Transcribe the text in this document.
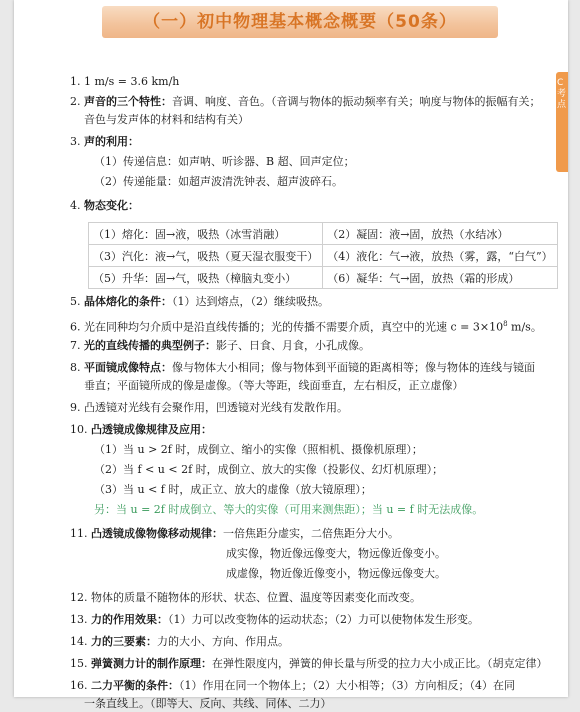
（一）初中物理基本概念概要（50条）
C 考点
1. 1 m/s = 3.6 km/h
2. 声音的三个特性：音调、响度、音色。（音调与物体的振动频率有关；响度与物体的振幅有关；
音色与发声体的材料和结构有关）
3. 声的利用：
（1）传递信息：如声呐、听诊器、B 超、回声定位；
（2）传递能量：如超声波清洗钟表、超声波碎石。
4. 物态变化：
（1）熔化：固→液，吸热（冰雪消融）	（2）凝固：液→固，放热（水结冰）
（3）汽化：液→气，吸热（夏天湿衣服变干）	（4）液化：气→液，放热（雾，露，“白气”）
（5）升华：固→气，吸热（樟脑丸变小）	（6）凝华：气→固，放热（霜的形成）
5. 晶体熔化的条件：（1）达到熔点，（2）继续吸热。
6. 光在同种均匀介质中是沿直线传播的；光的传播不需要介质，真空中的光速 $c = 3\times 10^8$ m/s。
7. 光的直线传播的典型例子：影子、日食、月食，小孔成像。
8. 平面镜成像特点：像与物体大小相同；像与物体到平面镜的距离相等；像与物体的连线与镜面
垂直；平面镜所成的像是虚像。（等大等距，线面垂直，左右相反，正立虚像）
9. 凸透镜对光线有会聚作用，凹透镜对光线有发散作用。
10. 凸透镜成像规律及应用：
（1）当 u > 2f 时，成倒立、缩小的实像（照相机、摄像机原理）；
（2）当 f < u < 2f 时，成倒立、放大的实像（投影仪、幻灯机原理）；
（3）当 u < f 时，成正立、放大的虚像（放大镜原理）；
另：当 u = 2f 时成倒立、等大的实像（可用来测焦距）；当 u = f 时无法成像。
11. 凸透镜成像物像移动规律：一倍焦距分虚实，二倍焦距分大小。
成实像，物近像远像变大，物远像近像变小。
成虚像，物近像近像变小，物远像远像变大。
12. 物体的质量不随物体的形状、状态、位置、温度等因素变化而改变。
13. 力的作用效果：（1）力可以改变物体的运动状态；（2）力可以使物体发生形变。
14. 力的三要素：力的大小、方向、作用点。
15. 弹簧测力计的制作原理：在弹性限度内，弹簧的伸长量与所受的拉力大小成正比。（胡克定律）
16. 二力平衡的条件：（1）作用在同一个物体上；（2）大小相等；（3）方向相反；（4）在同
一条直线上。（即等大、反向、共线、同体、二力）
